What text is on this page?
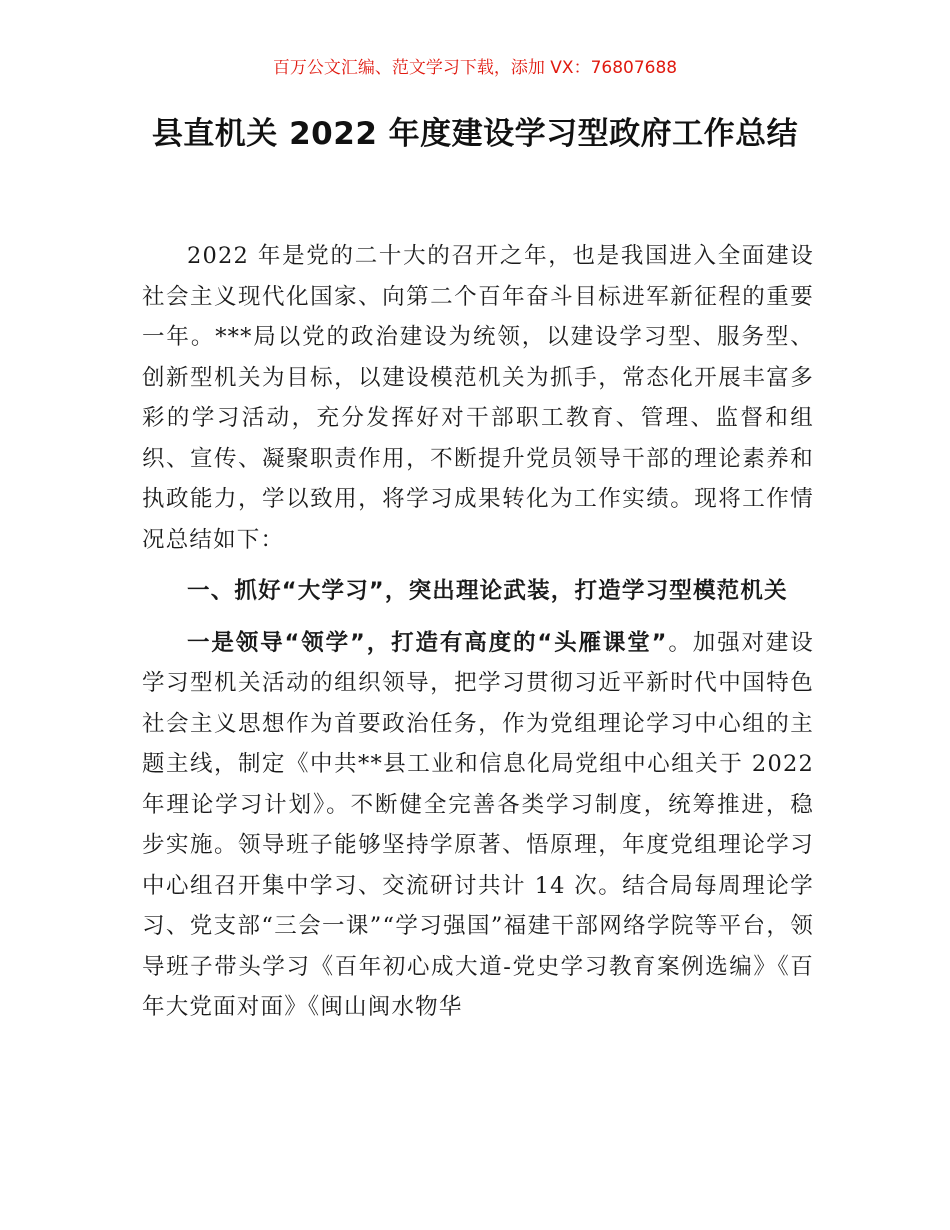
百万公文汇编、范文学习下载，添加 VX：76807688
县直机关 2022 年度建设学习型政府工作总结

2022 年是党的二十大的召开之年，也是我国进入全面建设社会主义现代化国家、向第二个百年奋斗目标进军新征程的重要一年。***局以党的政治建设为统领，以建设学习型、服务型、创新型机关为目标，以建设模范机关为抓手，常态化开展丰富多彩的学习活动，充分发挥好对干部职工教育、管理、监督和组织、宣传、凝聚职责作用，不断提升党员领导干部的理论素养和执政能力，学以致用，将学习成果转化为工作实绩。现将工作情况总结如下：

一、抓好“大学习”，突出理论武装，打造学习型模范机关

一是领导“领学”，打造有高度的“头雁课堂”。加强对建设学习型机关活动的组织领导，把学习贯彻习近平新时代中国特色社会主义思想作为首要政治任务，作为党组理论学习中心组的主题主线，制定《中共**县工业和信息化局党组中心组关于 2022 年理论学习计划》。不断健全完善各类学习制度，统筹推进，稳步实施。领导班子能够坚持学原著、悟原理，年度党组理论学习中心组召开集中学习、交流研讨共计 14 次。结合局每周理论学习、党支部“三会一课”“学习强国”福建干部网络学院等平台，领导班子带头学习《百年初心成大道-党史学习教育案例选编》《百年大党面对面》《闽山闽水物华
